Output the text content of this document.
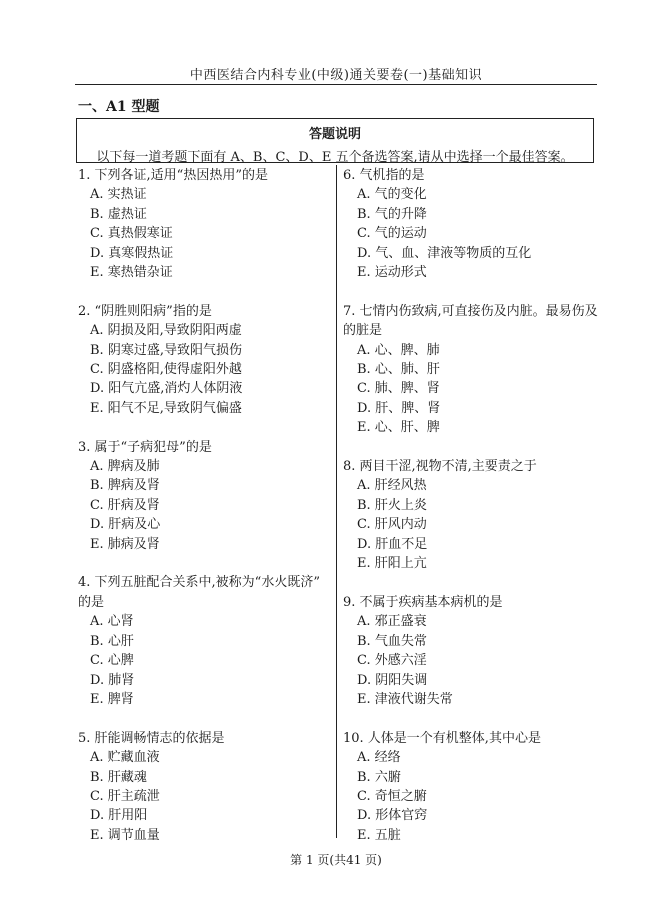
中西医结合内科专业(中级)通关要卷(一)基础知识
一、A1 型题
答题说明
以下每一道考题下面有 A、B、C、D、E 五个备选答案,请从中选择一个最佳答案。
1. 下列各证,适用“热因热用”的是
A. 实热证
B. 虚热证
C. 真热假寒证
D. 真寒假热证
E. 寒热错杂证
2. “阴胜则阳病”指的是
A. 阴损及阳,导致阴阳两虚
B. 阴寒过盛,导致阳气损伤
C. 阴盛格阳,使得虚阳外越
D. 阳气亢盛,消灼人体阴液
E. 阳气不足,导致阴气偏盛
3. 属于“子病犯母”的是
A. 脾病及肺
B. 脾病及肾
C. 肝病及肾
D. 肝病及心
E. 肺病及肾
4. 下列五脏配合关系中,被称为“水火既济”
的是
A. 心肾
B. 心肝
C. 心脾
D. 肺肾
E. 脾肾
5. 肝能调畅情志的依据是
A. 贮藏血液
B. 肝藏魂
C. 肝主疏泄
D. 肝用阳
E. 调节血量
6. 气机指的是
A. 气的变化
B. 气的升降
C. 气的运动
D. 气、血、津液等物质的互化
E. 运动形式
7. 七情内伤致病,可直接伤及内脏。最易伤及
的脏是
A. 心、脾、肺
B. 心、肺、肝
C. 肺、脾、肾
D. 肝、脾、肾
E. 心、肝、脾
8. 两目干涩,视物不清,主要责之于
A. 肝经风热
B. 肝火上炎
C. 肝风内动
D. 肝血不足
E. 肝阳上亢
9. 不属于疾病基本病机的是
A. 邪正盛衰
B. 气血失常
C. 外感六淫
D. 阴阳失调
E. 津液代谢失常
10. 人体是一个有机整体,其中心是
A. 经络
B. 六腑
C. 奇恒之腑
D. 形体官窍
E. 五脏
第 1 页(共41 页)
